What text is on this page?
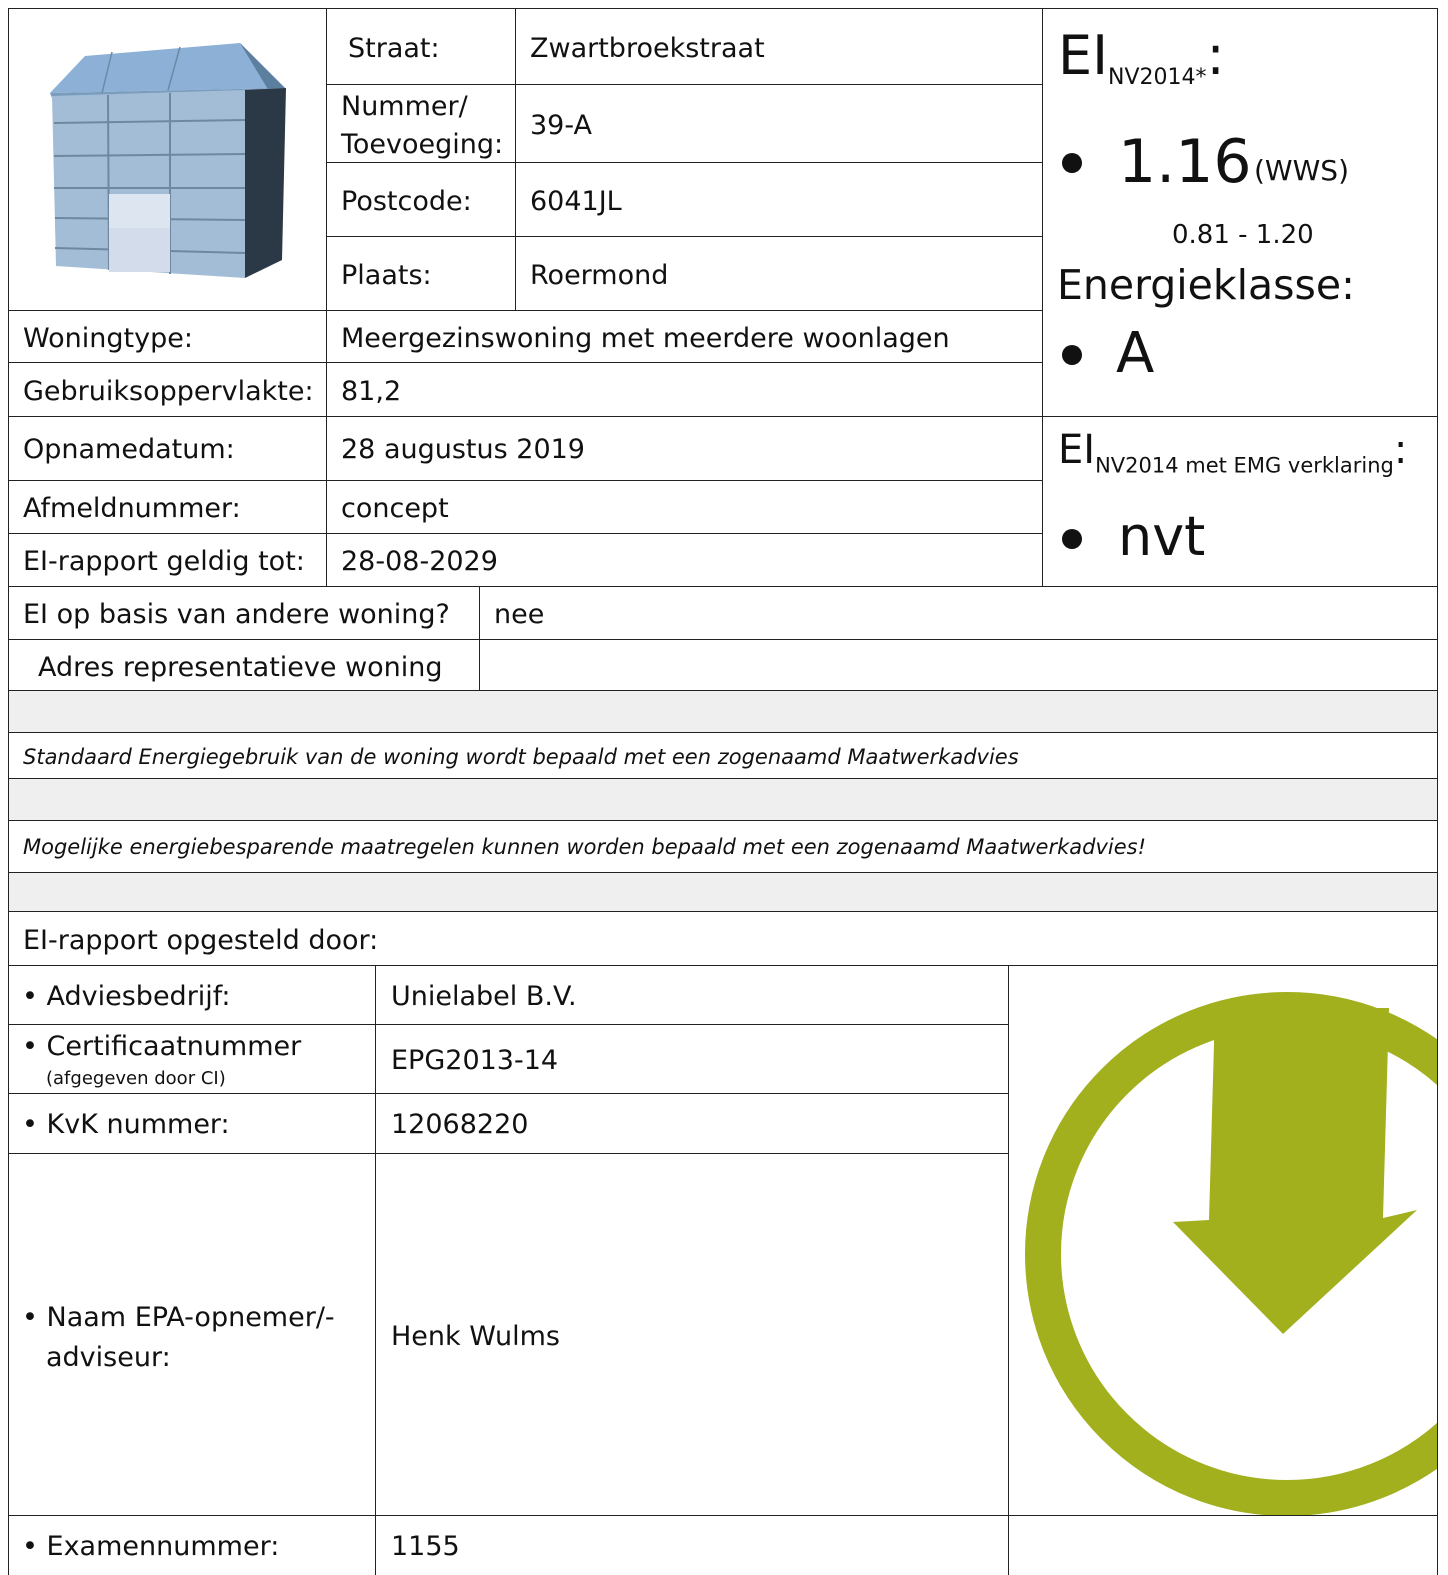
Straat:	Zwartbroekstraat
Nummer/
Toevoeging:
39-A
Postcode: 6041JL
Plaats:	Roermond
Woningtype:	Meergezinswoning met meerdere woonlagen
Gebruiksoppervlakte: 81,2
Opnamedatum:	28 augustus 2019
Afmeldnummer:	concept
EI-rapport geldig tot: 28-08-2029
EI op basis van andere woning? nee
Adres representatieve woning
$EI_{NV2014*}$:
1.16 (WWS)
0.81 - 1.20
Energieklasse:
A
$EI_{NV2014 met EMG verklaring}$:
nvt
Standaard Energiegebruik van de woning wordt bepaald met een zogenaamd Maatwerkadvies
Mogelijke energiebesparende maatregelen kunnen worden bepaald met een zogenaamd Maatwerkadvies!
EI-rapport opgesteld door:
• Adviesbedrijf:	Unielabel B.V.
• Certificaatnummer
(afgegeven door CI)
EPG2013-14
• KvK nummer:	12068220
• Naam EPA-opnemer/-
adviseur:
Henk Wulms
• Examennummer:	1155
